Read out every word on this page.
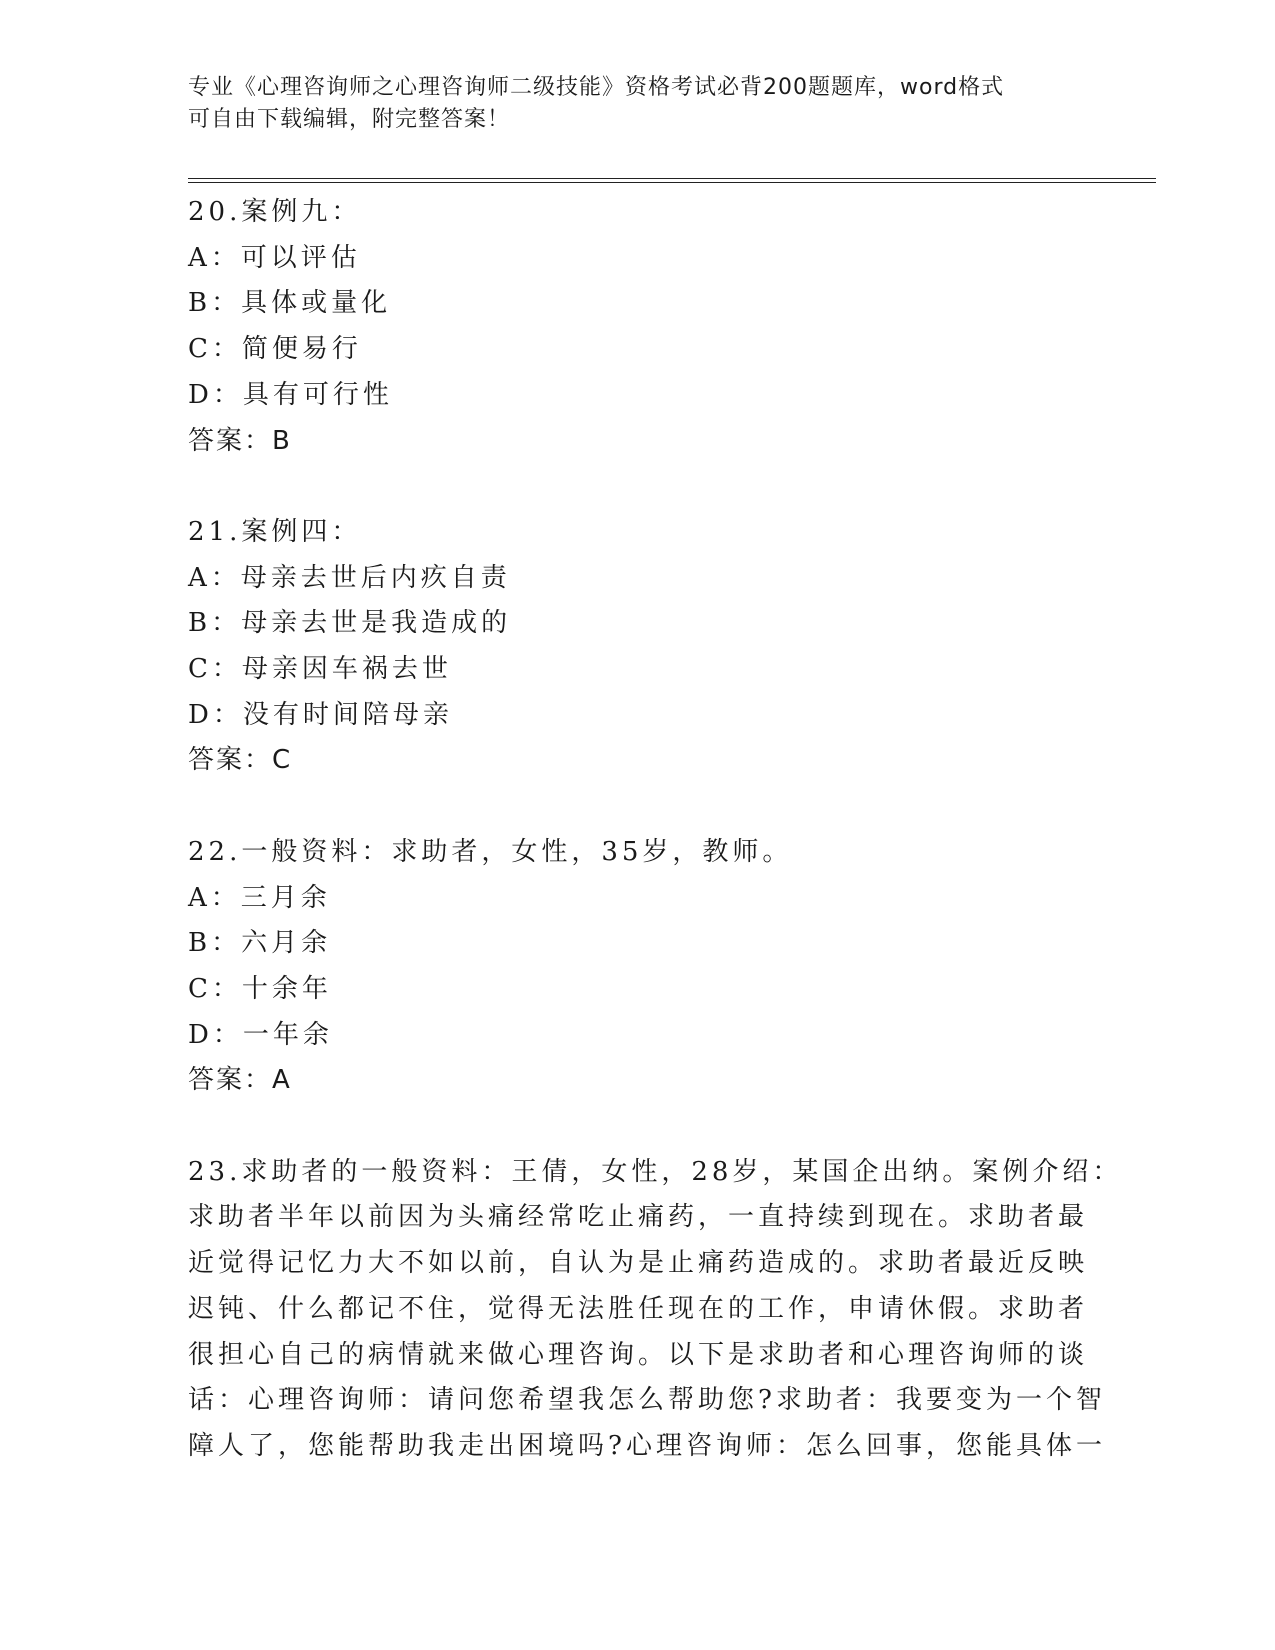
专业《心理咨询师之心理咨询师二级技能》资格考试必背200题题库，word格式
可自由下载编辑，附完整答案！
20.案例九：
A：可以评估
B：具体或量化
C：简便易行
D：具有可行性
答案：B
21.案例四：
A：母亲去世后内疚自责
B：母亲去世是我造成的
C：母亲因车祸去世
D：没有时间陪母亲
答案：C
22.一般资料：求助者，女性，35岁，教师。
A：三月余
B：六月余
C：十余年
D：一年余
答案：A
23.求助者的一般资料：王倩，女性，28岁，某国企出纳。案例介绍：
求助者半年以前因为头痛经常吃止痛药，一直持续到现在。求助者最
近觉得记忆力大不如以前，自认为是止痛药造成的。求助者最近反映
迟钝、什么都记不住，觉得无法胜任现在的工作，申请休假。求助者
很担心自己的病情就来做心理咨询。以下是求助者和心理咨询师的谈
话：心理咨询师：请问您希望我怎么帮助您?求助者：我要变为一个智
障人了，您能帮助我走出困境吗?心理咨询师：怎么回事，您能具体一
